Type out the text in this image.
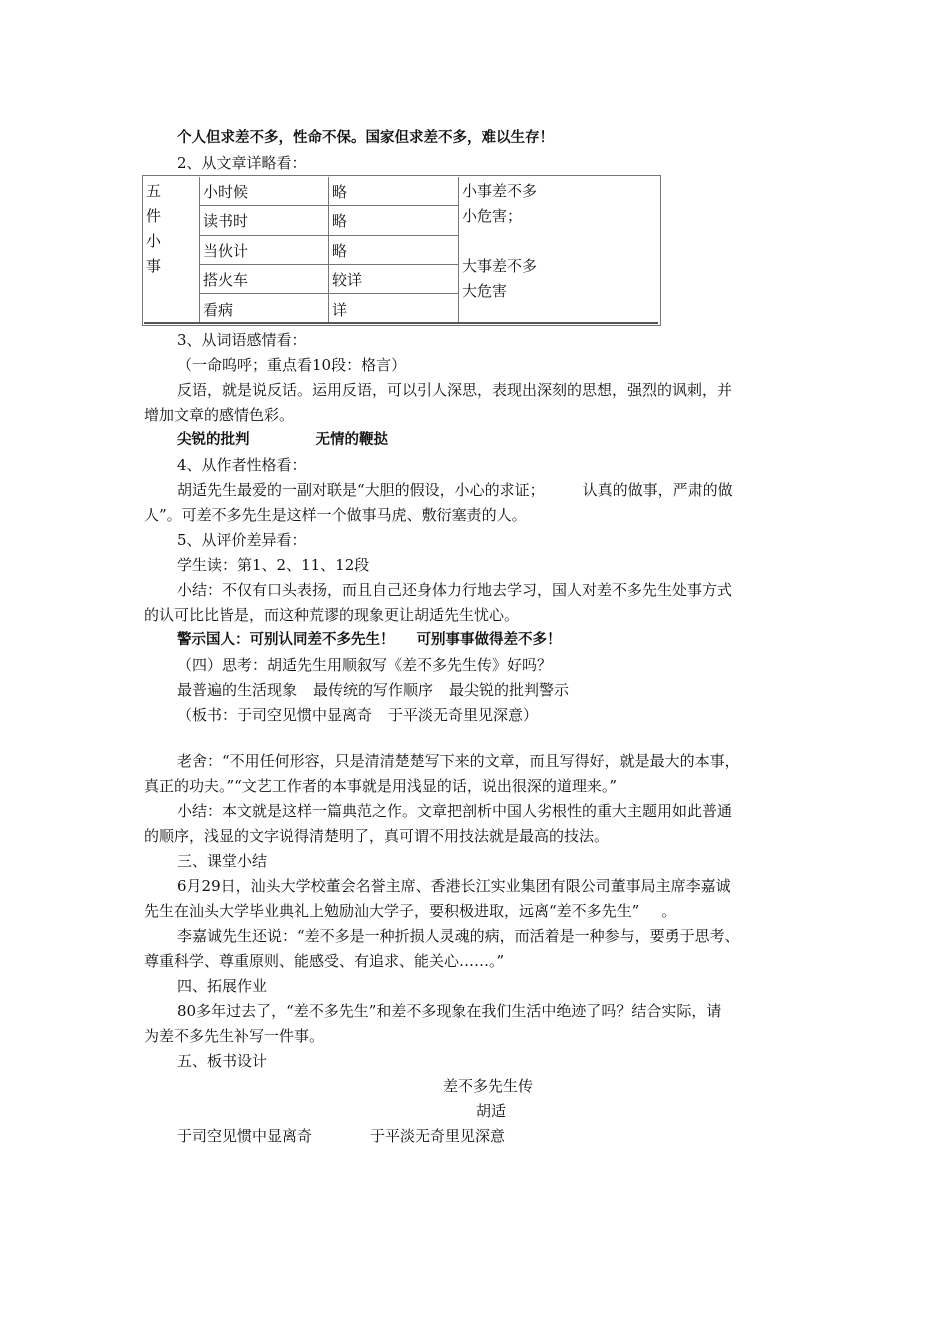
个人但求差不多，性命不保。国家但求差不多，难以生存！
2、从文章详略看：
五
件
小
事
小时候	略
读书时	略
当伙计	略
搭火车	较详
看病	详
小事差不多
小危害；
大事差不多
大危害
3、从词语感情看：
（一命呜呼；重点看10段：格言）
反语，就是说反话。运用反语，可以引人深思，表现出深刻的思想，强烈的讽刺，并
增加文章的感情色彩。
尖锐的批判	无情的鞭挞
4、从作者性格看：
胡适先生最爱的一副对联是“大胆的假设，小心的求证；	认真的做事，严肃的做
人”。可差不多先生是这样一个做事马虎、敷衍塞责的人。
5、从评价差异看：
学生读：第1、2、11、12段
小结：不仅有口头表扬，而且自己还身体力行地去学习，国人对差不多先生处事方式
的认可比比皆是，而这种荒谬的现象更让胡适先生忧心。
警示国人：可别认同差不多先生！ 可别事事做得差不多！
（四）思考：胡适先生用顺叙写《差不多先生传》好吗？
最普遍的生活现象 最传统的写作顺序 最尖锐的批判警示
（板书：于司空见惯中显离奇 于平淡无奇里见深意）
老舍：“不用任何形容，只是清清楚楚写下来的文章，而且写得好，就是最大的本事，
真正的功夫。”“文艺工作者的本事就是用浅显的话，说出很深的道理来。”
小结：本文就是这样一篇典范之作。文章把剖析中国人劣根性的重大主题用如此普通
的顺序，浅显的文字说得清楚明了，真可谓不用技法就是最高的技法。
三、课堂小结
6月29日，汕头大学校董会名誉主席、香港长江实业集团有限公司董事局主席李嘉诚
先生在汕头大学毕业典礼上勉励汕大学子，要积极进取，远离“差不多先生” 。
李嘉诚先生还说：“差不多是一种折损人灵魂的病，而活着是一种参与，要勇于思考、
尊重科学、尊重原则、能感受、有追求、能关心……。”
四、拓展作业
80多年过去了，“差不多先生”和差不多现象在我们生活中绝迹了吗？结合实际，请
为差不多先生补写一件事。
五、板书设计
差不多先生传
胡适
于司空见惯中显离奇	于平淡无奇里见深意
